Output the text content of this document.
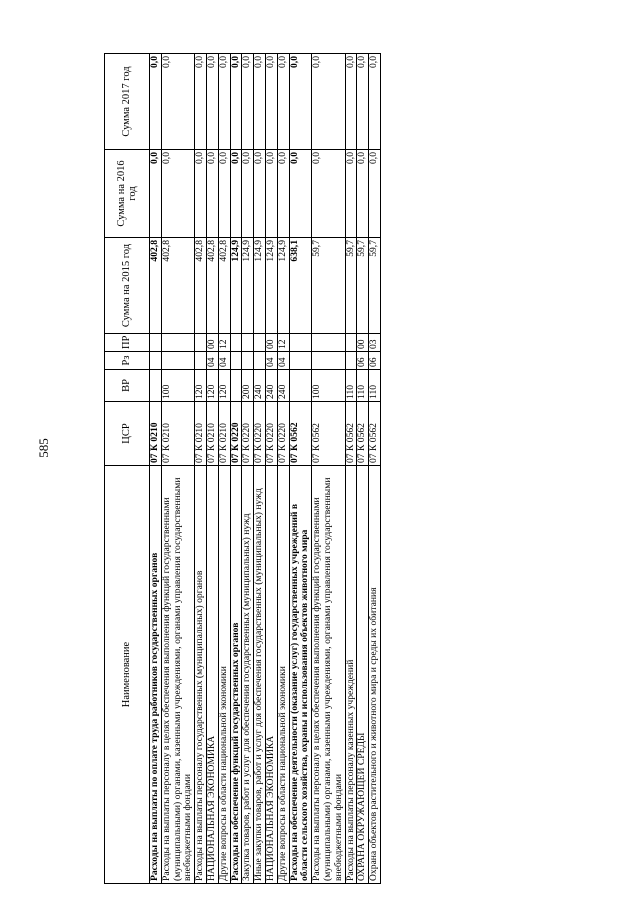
585
Наименование	ЦСР	ВР	Рз	ПР	Сумма на 2015 год	Сумма на 2016 год	Сумма 2017 год
Расходы на выплаты по оплате труда работников государственных органов	07 К 0210				402,8	0,0	0,0
Расходы на выплаты персоналу в целях обеспечения выполнения функций государственными (муниципальными) органами, казенными учреждениями, органами управления государственными внебюджетными фондами	07 К 0210	100			402,8	0,0	0,0
Расходы на выплаты персоналу государственных (муниципальных) органов	07 К 0210	120			402,8	0,0	0,0
НАЦИОНАЛЬНАЯ ЭКОНОМИКА	07 К 0210	120	04	00	402,8	0,0	0,0
Другие вопросы в области национальной экономики	07 К 0210	120	04	12	402,8	0,0	0,0
Расходы на обеспечение функций государственных органов	07 К 0220				124,9	0,0	0,0
Закупка товаров, работ и услуг для обеспечения государственных (муниципальных) нужд	07 К 0220	200			124,9	0,0	0,0
Иные закупки товаров, работ и услуг для обеспечения государственных (муниципальных) нужд	07 К 0220	240			124,9	0,0	0,0
НАЦИОНАЛЬНАЯ ЭКОНОМИКА	07 К 0220	240	04	00	124,9	0,0	0,0
Другие вопросы в области национальной экономики	07 К 0220	240	04	12	124,9	0,0	0,0
Расходы на обеспечение деятельности (оказание услуг) государственных учреждений в области сельского хозяйства, охраны и использования объектов животного мира	07 К 0562				638,1	0,0	0,0
Расходы на выплаты персоналу в целях обеспечения выполнения функций государственными (муниципальными) органами, казенными учреждениями, органами управления государственными внебюджетными фондами	07 К 0562	100			59,7	0,0	0,0
Расходы на выплаты персоналу казенных учреждений	07 К 0562	110			59,7	0,0	0,0
ОХРАНА ОКРУЖАЮЩЕЙ СРЕДЫ	07 К 0562	110	06	00	59,7	0,0	0,0
Охрана объектов растительного и животного мира и среды их обитания	07 К 0562	110	06	03	59,7	0,0	0,0
